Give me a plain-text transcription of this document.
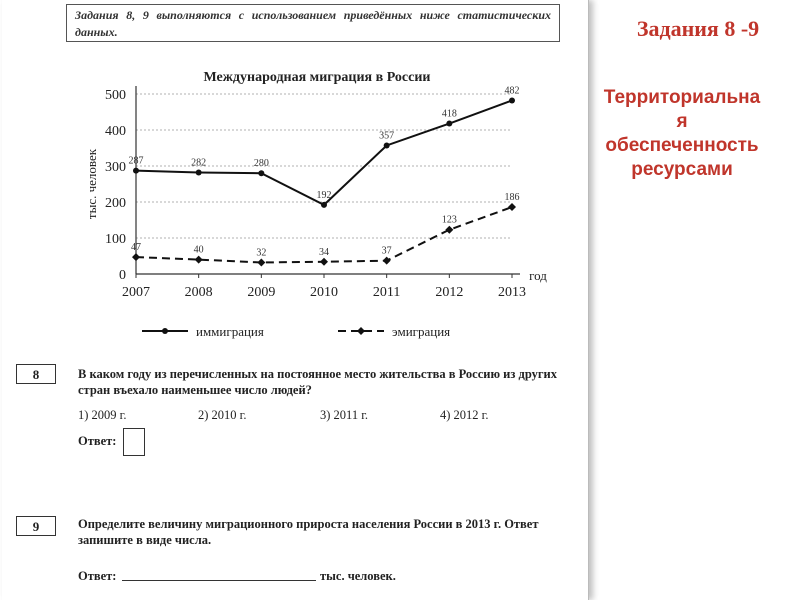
Задания 8, 9 выполняются с использованием приведённых ниже статистических данных.
Международная миграция в России
0
100
200
300
400
500
2007 2008 2009 2010 2011 2012 2013
год
тыс. человек	287	282	280
192
357
418
482
47	40	32	34	37
123
186
иммиграция	эмиграция
8	В каком году из перечисленных на постоянное место жительства в Россию из других стран въехало наименьшее число людей?
1) 2009 г.	2) 2010 г.	3) 2011 г.	4) 2012 г.
Ответ:
9	Определите величину миграционного прироста населения России в 2013 г. Ответ запишите в виде числа.
Ответ:	тыс. человек.
Задания 8 -9
Территориальна
я
обеспеченность
ресурсами
